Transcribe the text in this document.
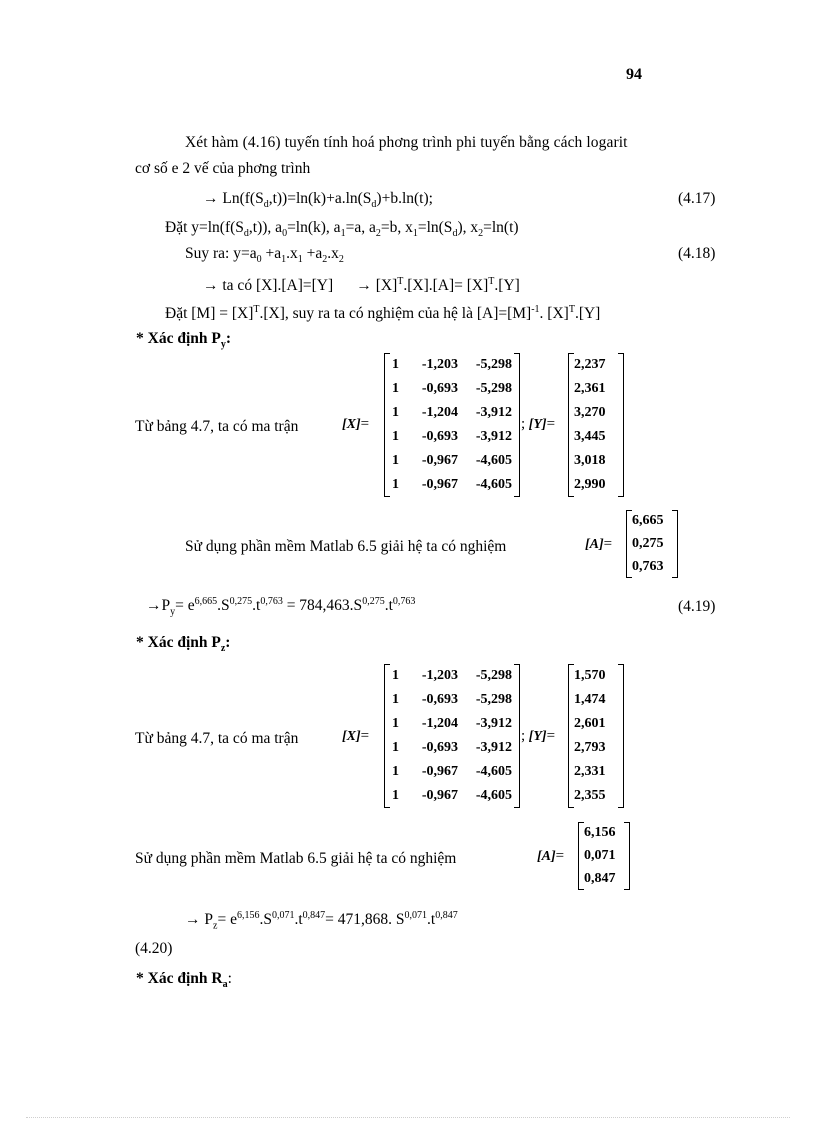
94
Xét hàm (4.16) tuyến tính hoá phơng trình phi tuyến bằng cách logarit
cơ số e 2 vế của phơng trình
→ $Ln(f(S_d,t))=\ln(k)+a.\ln(S_d)+b.\ln(t)$;	(4.17)
Đặt $y=\ln(f(S_d,t))$, $a_0=\ln(k)$, $a_1=a$, $a_2=b$, $x_1=\ln(S_d)$, $x_2=\ln(t)$
Suy ra: $y=a_0 +a_1.x_1 +a_2.x_2$	(4.18)
→ ta có $[X].[A]=[Y] \to [X]^T.[X].[A]= [X]^T.[Y]$
Đặt $[M] = [X]^T.[X]$, suy ra ta có nghiệm của hệ là $[A]=[M]^{-1}$. $[X]^T.[Y]$
* Xác định $P_y$:
Từ bảng 4.7, ta có ma trận	[X]=
1 -1,203 -5,298
1 -0,693 -5,298
1 -1,204 -3,912
1 -0,693 -3,912
1 -0,967 -4,605
1 -0,967 -4,605
; [Y]=
2,237
2,361
3,270
3,445
3,018
2,990
Sử dụng phần mềm Matlab 6.5 giải hệ ta có nghiệm	[A]=
6,665
0,275
0,763
$\to P_y= e^{6,665}.S^{0,275}.t^{0,763} = 784,463.S^{0,275}.t^{0,763}$	(4.19)
* Xác định $P_z$:
Từ bảng 4.7, ta có ma trận	[X]=
1 -1,203 -5,298
1 -0,693 -5,298
1 -1,204 -3,912
1 -0,693 -3,912
1 -0,967 -4,605
1 -0,967 -4,605
; [Y]=
1,570
1,474
2,601
2,793
2,331
2,355
Sử dụng phần mềm Matlab 6.5 giải hệ ta có nghiệm	[A]=
6,156
0,071
0,847
→ $P_z= e^{6,156}.S^{0,071}.t^{0,847}= 471,868$. $S^{0,071}.t^{0,847}$
(4.20)
* Xác định $R_a$:
